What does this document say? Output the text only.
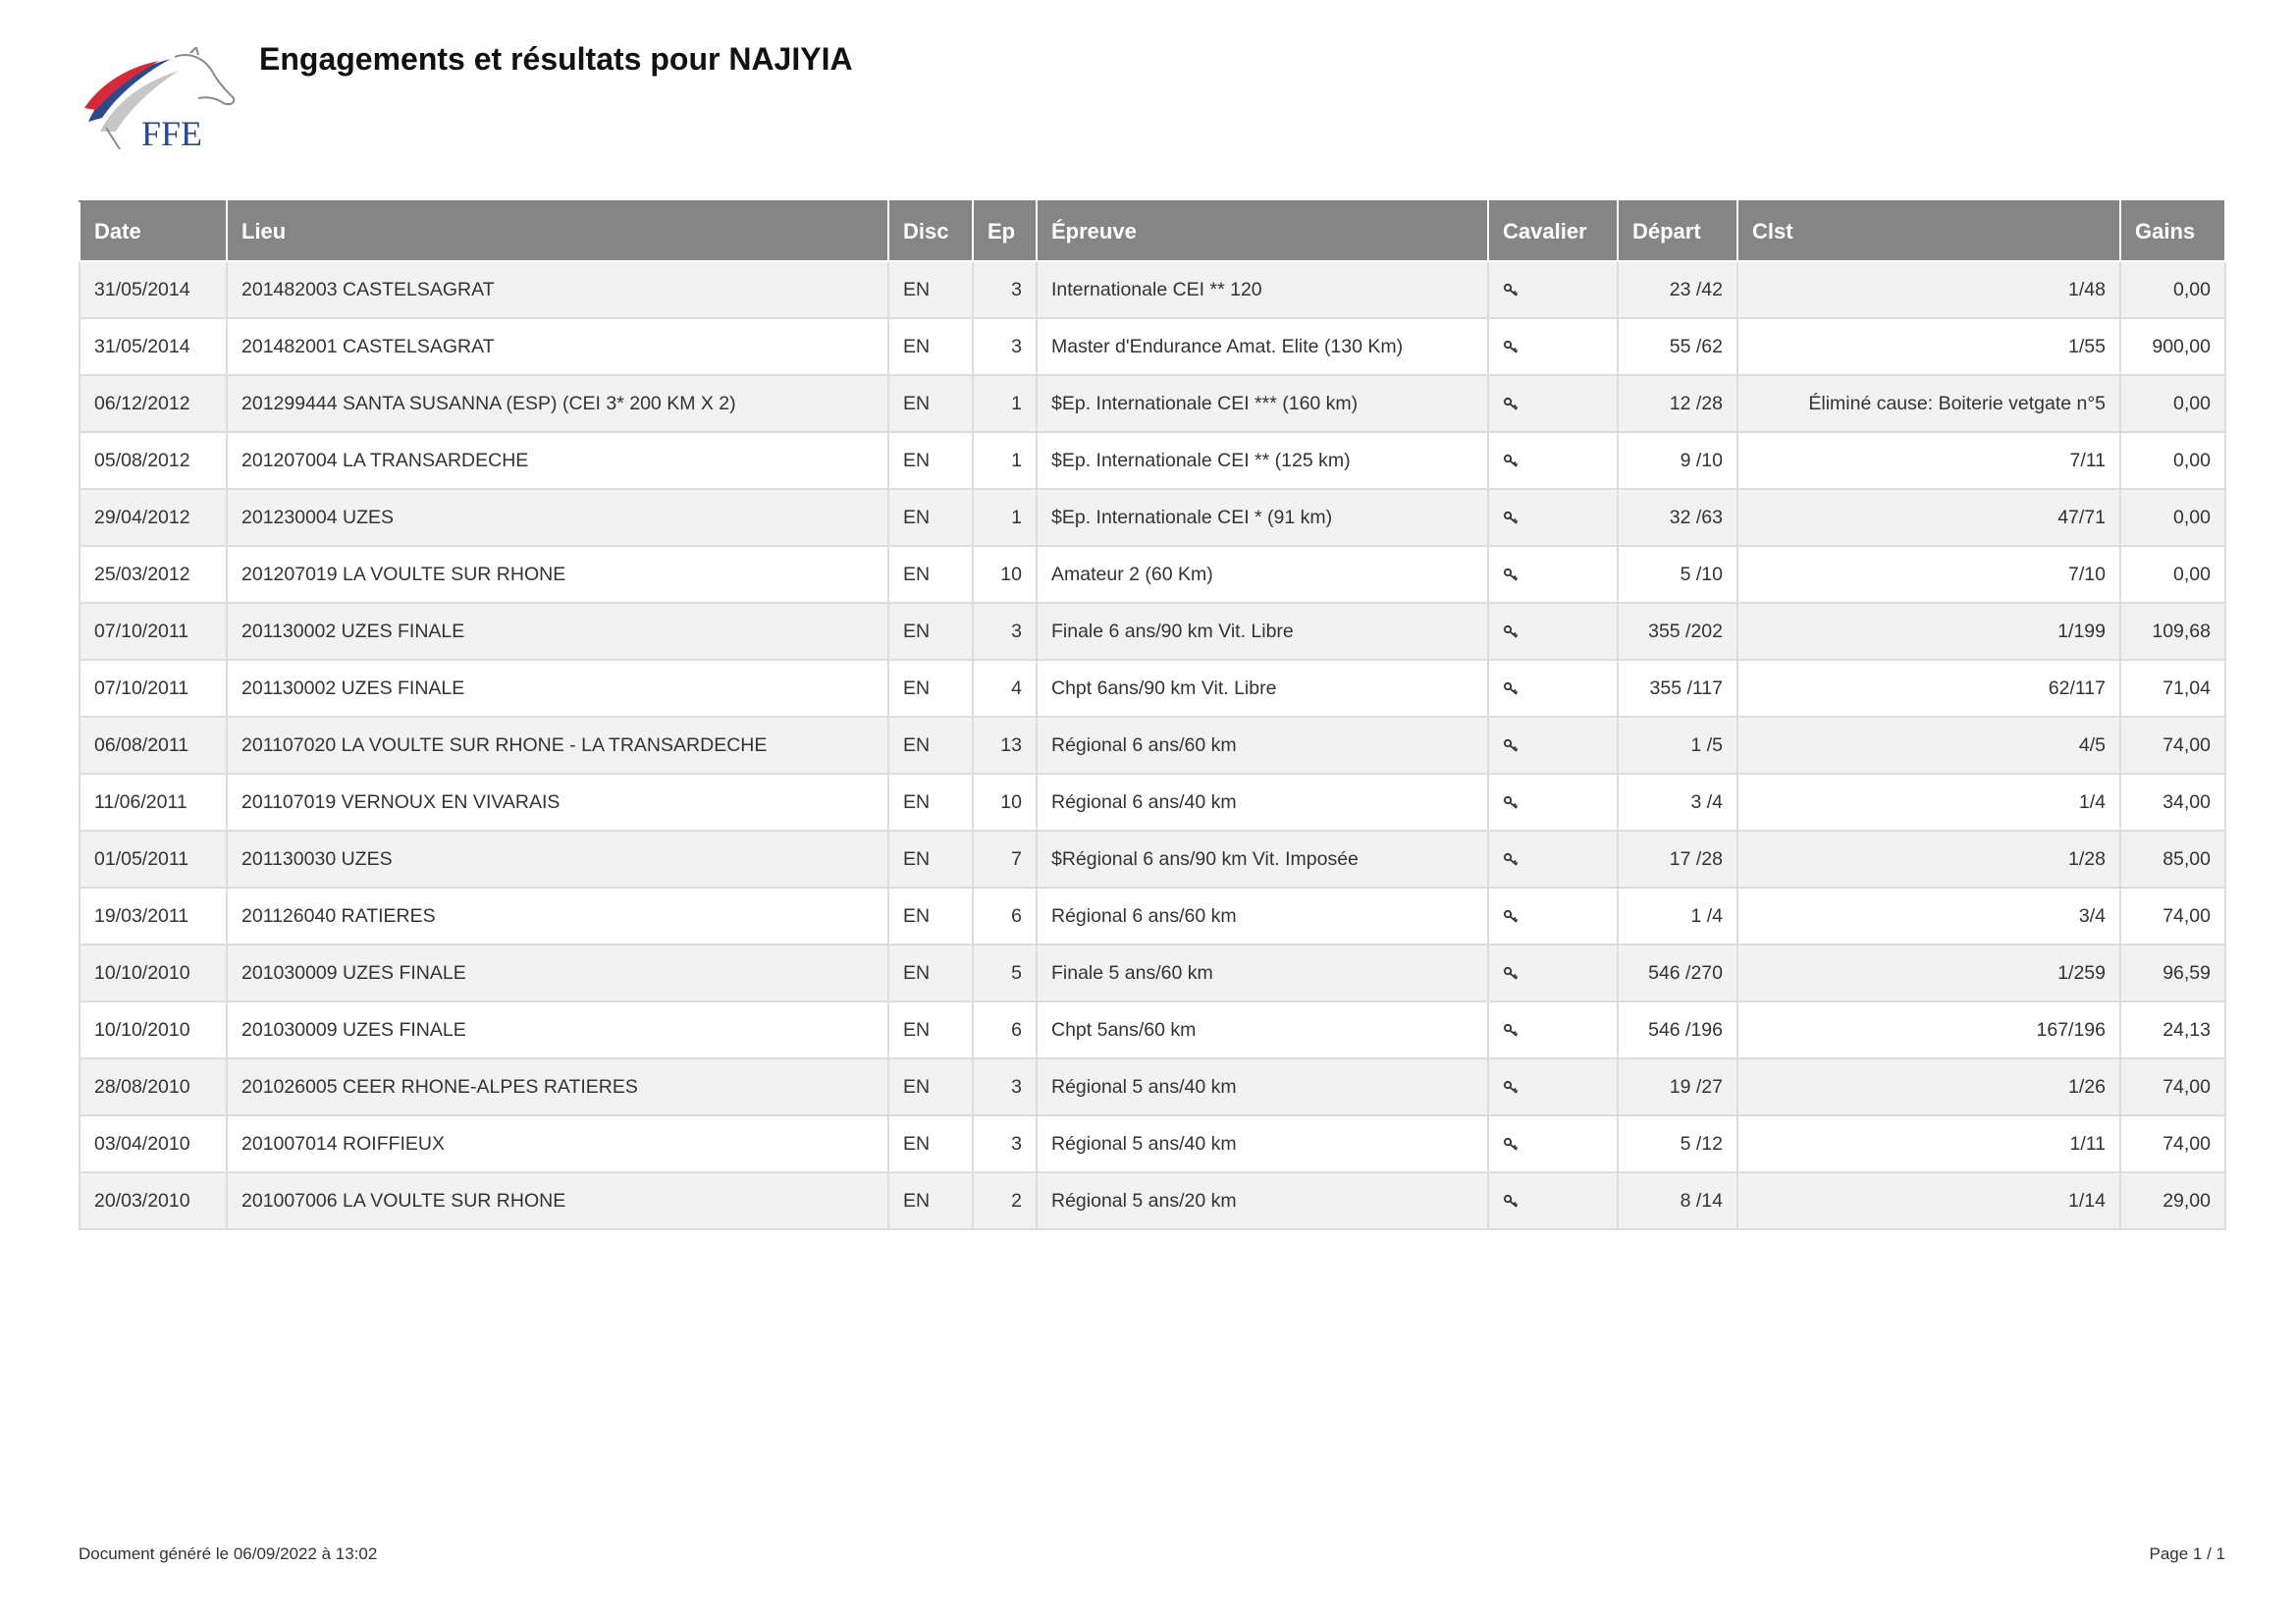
FFE
Engagements et résultats pour NAJIYIA
Date	Lieu	Disc	Ep	Épreuve	Cavalier	Départ	Clst	Gains
31/05/2014	201482003 CASTELSAGRAT	EN	3	Internationale CEI ** 120		23 /42	1/48	0,00
31/05/2014	201482001 CASTELSAGRAT	EN	3	Master d'Endurance Amat. Elite (130 Km)		55 /62	1/55	900,00
06/12/2012	201299444 SANTA SUSANNA (ESP) (CEI 3* 200 KM X 2)	EN	1	$Ep. Internationale CEI *** (160 km)		12 /28	Éliminé cause: Boiterie vetgate n°5	0,00
05/08/2012	201207004 LA TRANSARDECHE	EN	1	$Ep. Internationale CEI ** (125 km)		9 /10	7/11	0,00
29/04/2012	201230004 UZES	EN	1	$Ep. Internationale CEI * (91 km)		32 /63	47/71	0,00
25/03/2012	201207019 LA VOULTE SUR RHONE	EN	10	Amateur 2 (60 Km)		5 /10	7/10	0,00
07/10/2011	201130002 UZES FINALE	EN	3	Finale 6 ans/90 km Vit. Libre		355 /202	1/199	109,68
07/10/2011	201130002 UZES FINALE	EN	4	Chpt 6ans/90 km Vit. Libre		355 /117	62/117	71,04
06/08/2011	201107020 LA VOULTE SUR RHONE - LA TRANSARDECHE	EN	13	Régional 6 ans/60 km		1 /5	4/5	74,00
11/06/2011	201107019 VERNOUX EN VIVARAIS	EN	10	Régional 6 ans/40 km		3 /4	1/4	34,00
01/05/2011	201130030 UZES	EN	7	$Régional 6 ans/90 km Vit. Imposée		17 /28	1/28	85,00
19/03/2011	201126040 RATIERES	EN	6	Régional 6 ans/60 km		1 /4	3/4	74,00
10/10/2010	201030009 UZES FINALE	EN	5	Finale 5 ans/60 km		546 /270	1/259	96,59
10/10/2010	201030009 UZES FINALE	EN	6	Chpt 5ans/60 km		546 /196	167/196	24,13
28/08/2010	201026005 CEER RHONE-ALPES RATIERES	EN	3	Régional 5 ans/40 km		19 /27	1/26	74,00
03/04/2010	201007014 ROIFFIEUX	EN	3	Régional 5 ans/40 km		5 /12	1/11	74,00
20/03/2010	201007006 LA VOULTE SUR RHONE	EN	2	Régional 5 ans/20 km		8 /14	1/14	29,00
Document généré le 06/09/2022 à 13:02	Page 1 / 1
